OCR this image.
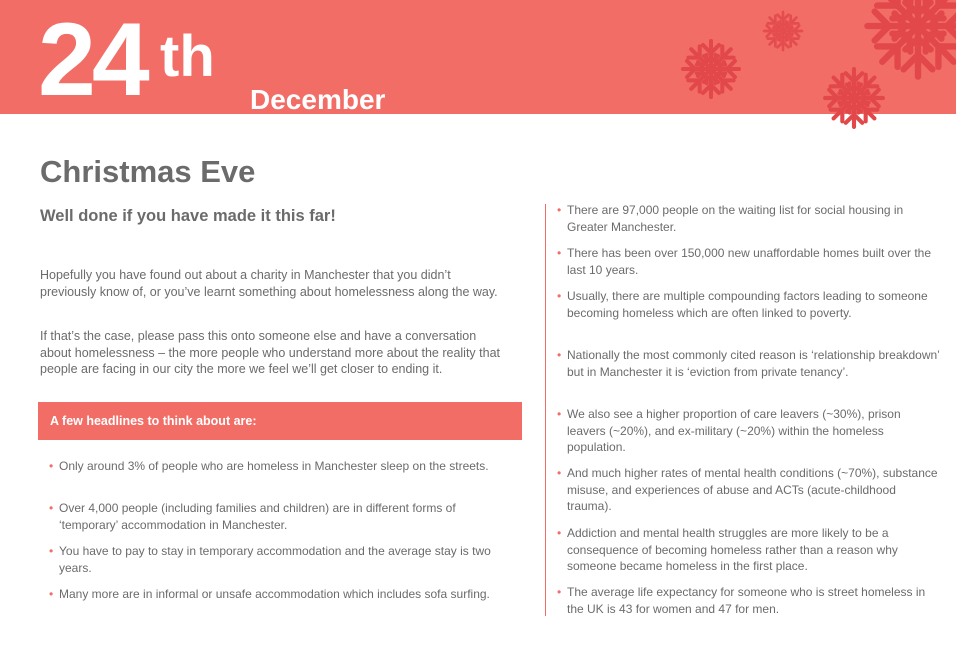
24 th
December
Christmas Eve
Well done if you have made it this far!

Hopefully you have found out about a charity in Manchester that you didn’t previously know of, or you’ve learnt something about homelessness along the way.

If that’s the case, please pass this onto someone else and have a conversation about homelessness – the more people who understand more about the reality that people are facing in our city the more we feel we’ll get closer to ending it.

A few headlines to think about are:
• Only around 3% of people who are homeless in Manchester sleep on the streets.
• Over 4,000 people (including families and children) are in different forms of ‘temporary’ accommodation in Manchester.
• You have to pay to stay in temporary accommodation and the average stay is two years.
• Many more are in informal or unsafe accommodation which includes sofa surfing.
• There are 97,000 people on the waiting list for social housing in Greater Manchester.
• There has been over 150,000 new unaffordable homes built over the last 10 years.
• Usually, there are multiple compounding factors leading to someone becoming homeless which are often linked to poverty.
• Nationally the most commonly cited reason is ‘relationship breakdown’ but in Manchester it is ‘eviction from private tenancy’.
• We also see a higher proportion of care leavers (~30%), prison leavers (~20%), and ex-military (~20%) within the homeless population.
• And much higher rates of mental health conditions (~70%), substance misuse, and experiences of abuse and ACTs (acute-childhood trauma).
• Addiction and mental health struggles are more likely to be a consequence of becoming homeless rather than a reason why someone became homeless in the first place.
• The average life expectancy for someone who is street homeless in the UK is 43 for women and 47 for men.
